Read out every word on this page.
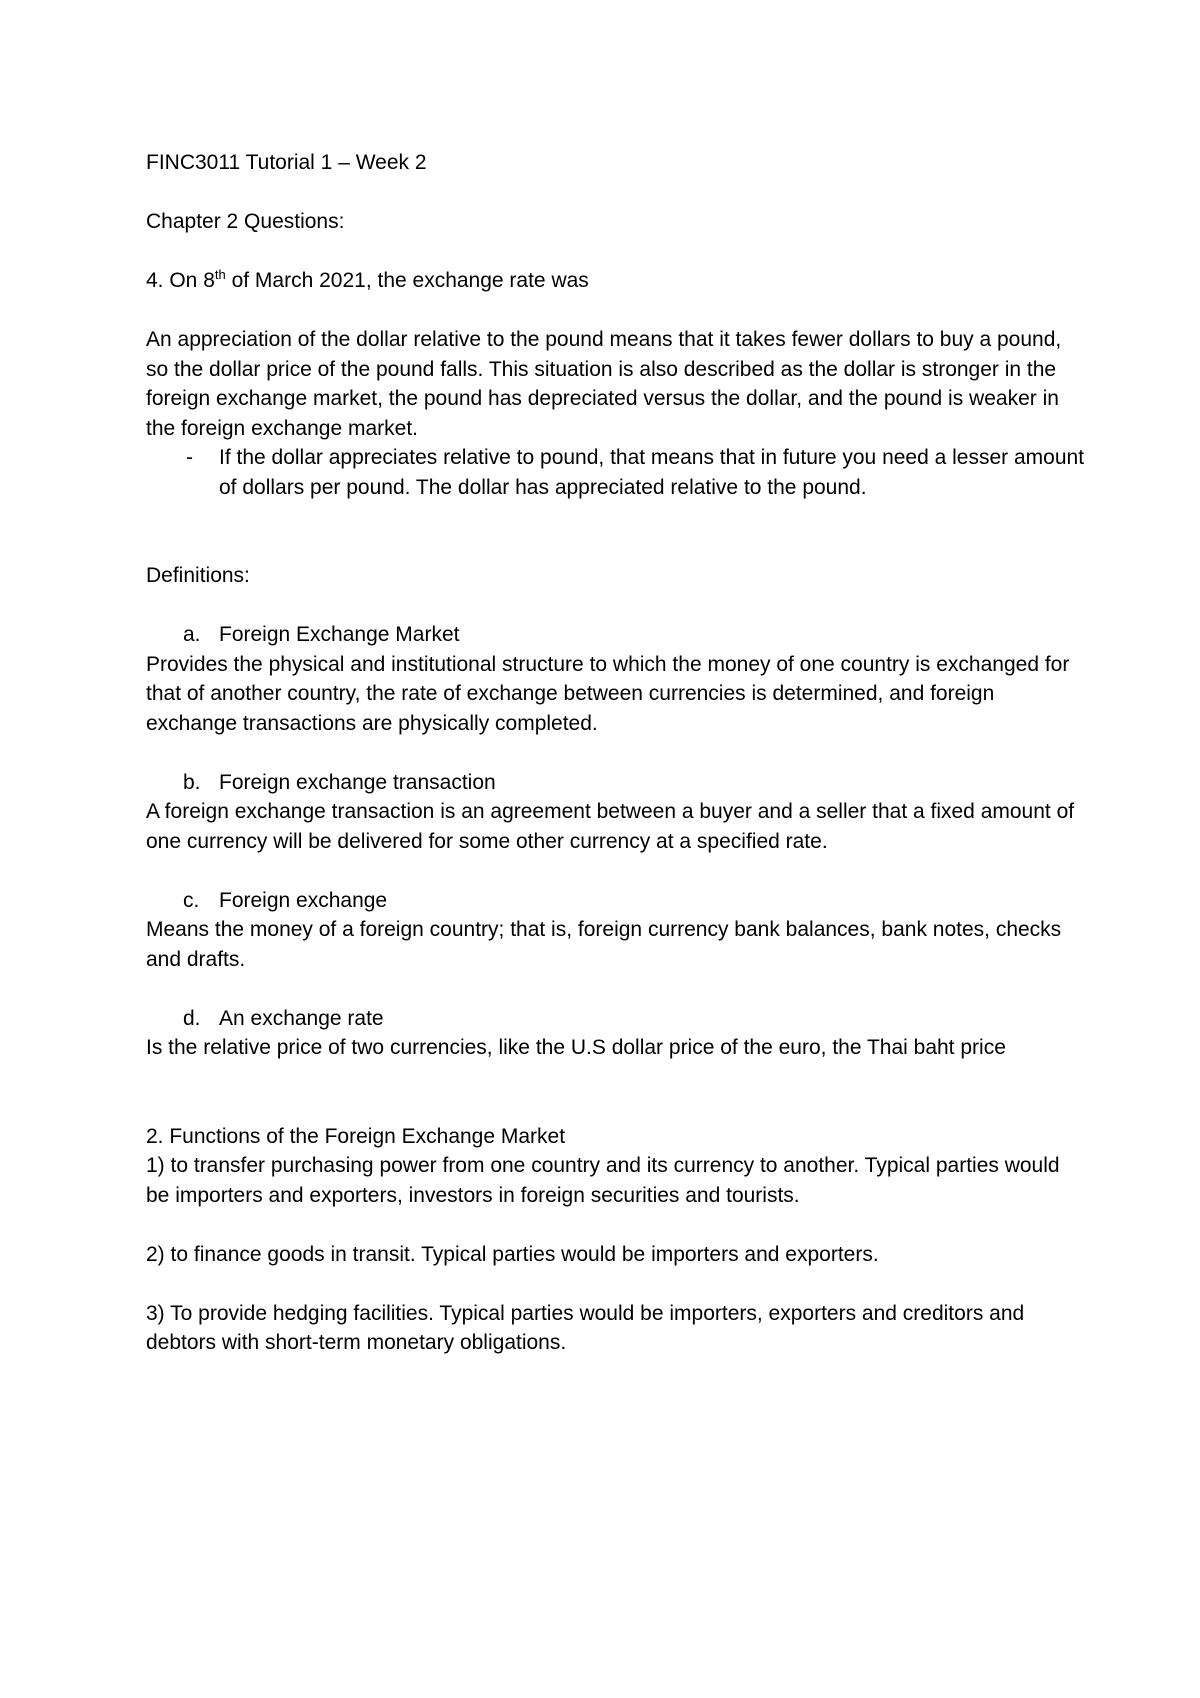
FINC3011 Tutorial 1 – Week 2

Chapter 2 Questions:

4. On 8th of March 2021, the exchange rate was

An appreciation of the dollar relative to the pound means that it takes fewer dollars to buy a pound, so the dollar price of the pound falls. This situation is also described as the dollar is stronger in the foreign exchange market, the pound has depreciated versus the dollar, and the pound is weaker in the foreign exchange market.

- If the dollar appreciates relative to pound, that means that in future you need a lesser amount of dollars per pound. The dollar has appreciated relative to the pound.

Definitions:

a. Foreign Exchange Market

Provides the physical and institutional structure to which the money of one country is exchanged for that of another country, the rate of exchange between currencies is determined, and foreign exchange transactions are physically completed.

b. Foreign exchange transaction

A foreign exchange transaction is an agreement between a buyer and a seller that a fixed amount of one currency will be delivered for some other currency at a specified rate.

c. Foreign exchange

Means the money of a foreign country; that is, foreign currency bank balances, bank notes, checks and drafts.

d. An exchange rate

Is the relative price of two currencies, like the U.S dollar price of the euro, the Thai baht price

2. Functions of the Foreign Exchange Market

1) to transfer purchasing power from one country and its currency to another. Typical parties would be importers and exporters, investors in foreign securities and tourists.

2) to finance goods in transit. Typical parties would be importers and exporters.

3) To provide hedging facilities. Typical parties would be importers, exporters and creditors and debtors with short-term monetary obligations.
